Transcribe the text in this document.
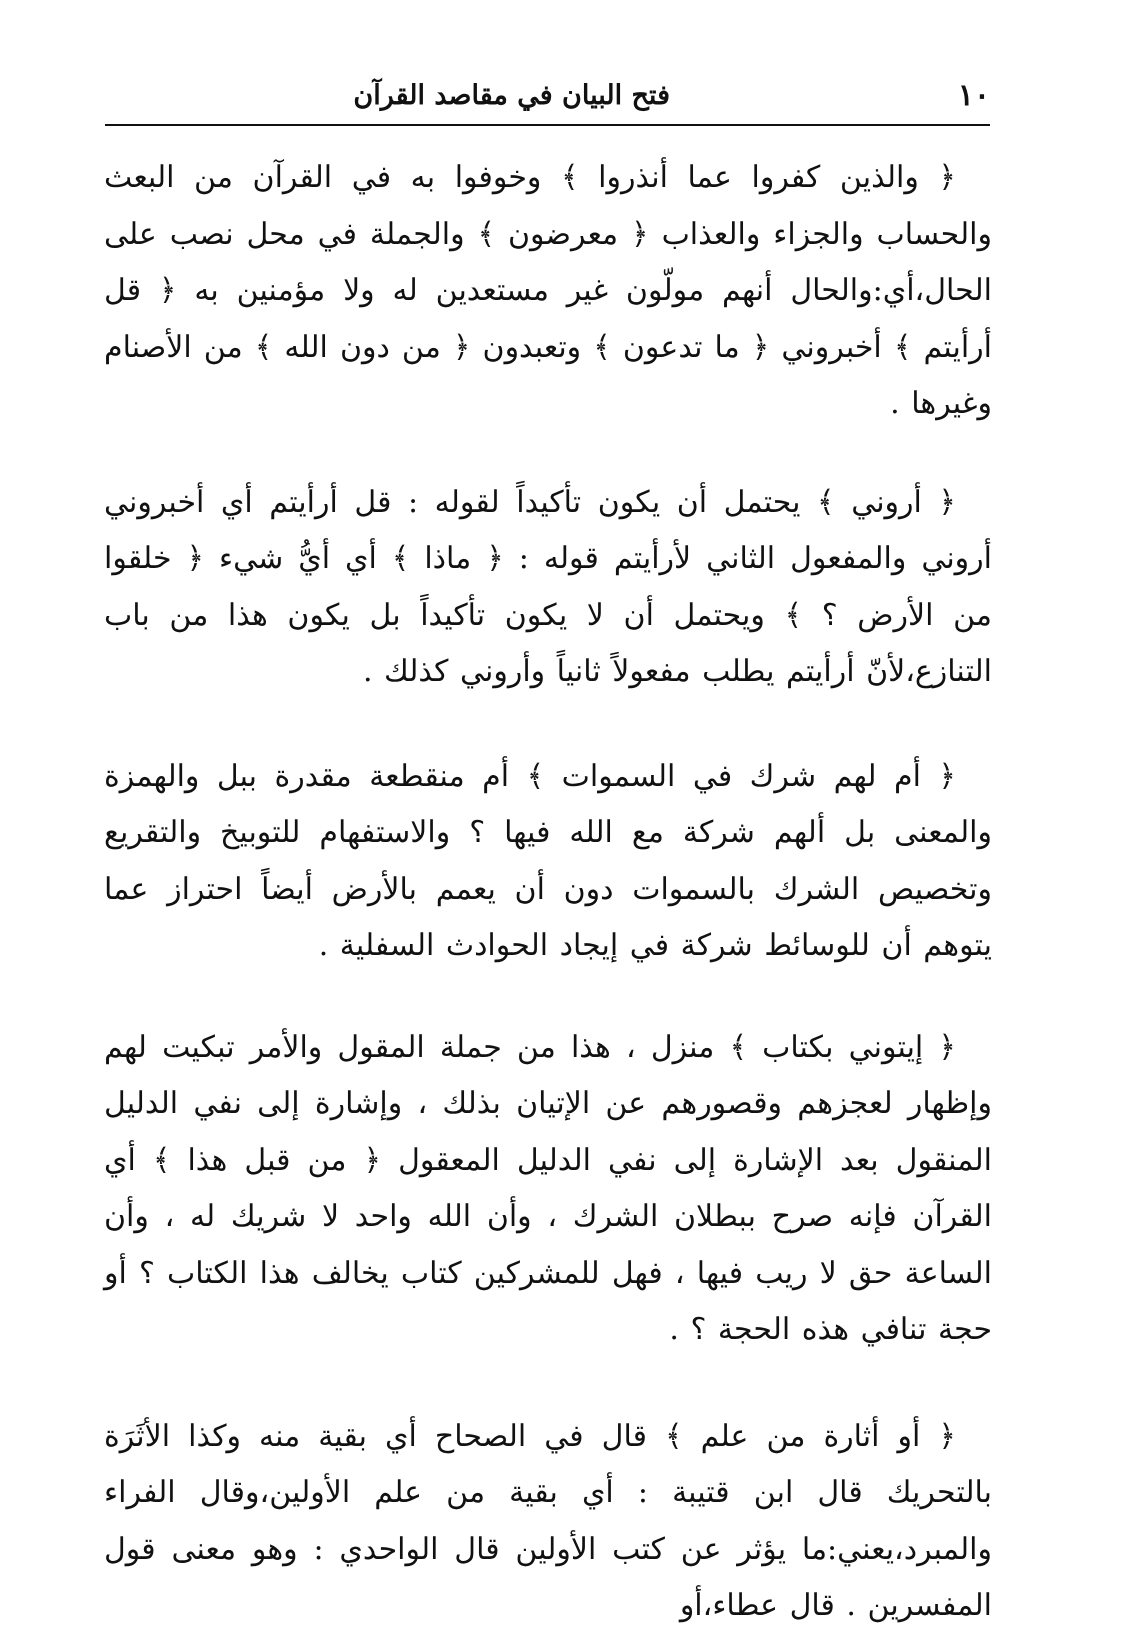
١٠
فتح البيان في مقاصد القرآن

﴿ والذين كفروا عما أنذروا ﴾ وخوفوا به في القرآن من البعث والحساب والجزاء والعذاب ﴿ معرضون ﴾ والجملة في محل نصب على الحال،أي:والحال أنهم مولّون غير مستعدين له ولا مؤمنين به ﴿ قل أرأيتم ﴾ أخبروني ﴿ ما تدعون ﴾ وتعبدون ﴿ من دون الله ﴾ من الأصنام وغيرها .

﴿ أروني ﴾ يحتمل أن يكون تأكيداً لقوله : قل أرأيتم أي أخبروني أروني والمفعول الثاني لأرأيتم قوله : ﴿ ماذا ﴾ أي أيُّ شيء ﴿ خلقوا من الأرض ؟ ﴾ ويحتمل أن لا يكون تأكيداً بل يكون هذا من باب التنازع،لأنّ أرأيتم يطلب مفعولاً ثانياً وأروني كذلك .

﴿ أم لهم شرك في السموات ﴾ أم منقطعة مقدرة ببل والهمزة والمعنى بل ألهم شركة مع الله فيها ؟ والاستفهام للتوبيخ والتقريع وتخصيص الشرك بالسموات دون أن يعمم بالأرض أيضاً احتراز عما يتوهم أن للوسائط شركة في إيجاد الحوادث السفلية .

﴿ إيتوني بكتاب ﴾ منزل ، هذا من جملة المقول والأمر تبكيت لهم وإظهار لعجزهم وقصورهم عن الإتيان بذلك ، وإشارة إلى نفي الدليل المنقول بعد الإشارة إلى نفي الدليل المعقول ﴿ من قبل هذا ﴾ أي القرآن فإنه صرح ببطلان الشرك ، وأن الله واحد لا شريك له ، وأن الساعة حق لا ريب فيها ، فهل للمشركين كتاب يخالف هذا الكتاب ؟ أو حجة تنافي هذه الحجة ؟ .

﴿ أو أثارة من علم ﴾ قال في الصحاح أي بقية منه وكذا الأثَرَة بالتحريك قال ابن قتيبة : أي بقية من علم الأولين،وقال الفراء والمبرد،يعني:ما يؤثر عن كتب الأولين قال الواحدي : وهو معنى قول المفسرين . قال عطاء،أو
